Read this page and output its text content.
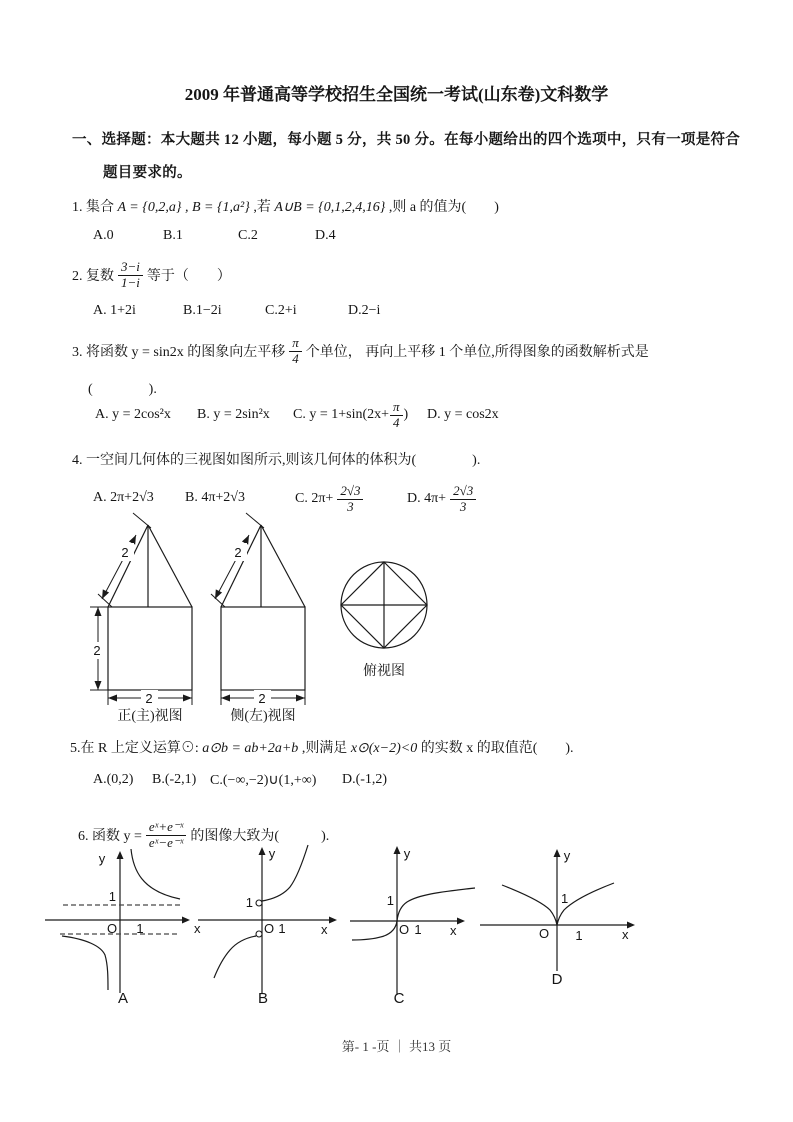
2009 年普通高等学校招生全国统一考试(山东卷)文科数学
一、选择题：本大题共 12 小题，每小题 5 分，共 50 分。在每小题给出的四个选项中，只有一项是符合
题目要求的。
1. 集合 A = {0,2,a} , B = {1,a²} ,若 A∪B = {0,1,2,4,16} ,则 a 的值为(　　)
A.0	B.1	C.2	D.4
2. 复数 $\frac{3-i}{1-i}$ 等于（　　）
A. 1+2i	B.1−2i	C.2+i	D.2−i
3. 将函数 y = sin2x 的图象向左平移 $\frac{\pi}{4}$ 个单位， 再向上平移 1 个单位,所得图象的函数解析式是
(　　　　).
A. y = 2cos²x B. y = 2sin²x C. $y = 1+\sin(2x+ \frac{\pi}{4}$ ) D. y = cos2x
4. 一空间几何体的三视图如图所示,则该几何体的体积为(　　　　).
A. 2π+2√3 B. 4π+2√3	C. $2\pi+ \frac{2√3}{3}$	D. $4\pi+ \frac{2√3}{3}$
2
2
2
正(主)视图
2
2
侧(左)视图
俯视图
5.在 R 上定义运算⊙: a⊙b = ab+2a+b ,则满足 x⊙(x−2)<0 的实数 x 的取值范(　　).
A.(0,2) B.(-2,1) C.(−∞,−2)∪(1,+∞) D.(-1,2)
6. 函数 $y = \frac{\text{eˣ+e⁻ˣ}}{\text{eˣ−e⁻ˣ}}$ 的图像大致为(　　　).
1
O 1	x
y
A
1
O 1	x
y
B
1
O 1 x
y
C
1
O 1	x
y
D
第- 1 -页 ｜ 共13 页
